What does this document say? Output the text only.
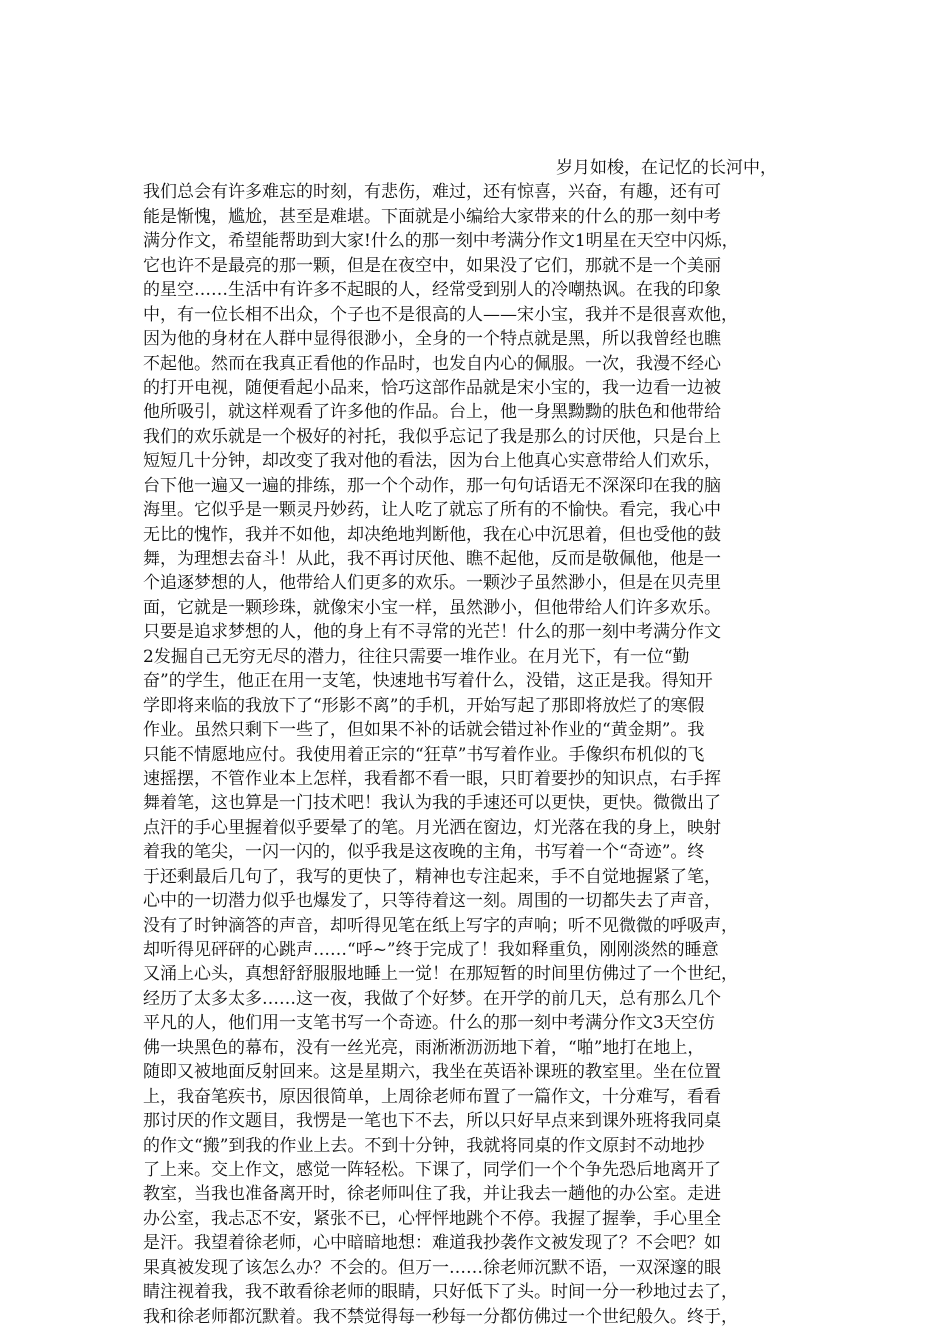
岁月如梭，在记忆的长河中，
我们总会有许多难忘的时刻，有悲伤，难过，还有惊喜，兴奋，有趣，还有可
能是惭愧，尴尬，甚至是难堪。下面就是小编给大家带来的什么的那一刻中考
满分作文，希望能帮助到大家!什么的那一刻中考满分作文1明星在天空中闪烁，
它也许不是最亮的那一颗，但是在夜空中，如果没了它们，那就不是一个美丽
的星空……生活中有许多不起眼的人，经常受到别人的冷嘲热讽。在我的印象
中，有一位长相不出众，个子也不是很高的人——宋小宝，我并不是很喜欢他，
因为他的身材在人群中显得很渺小，全身的一个特点就是黑，所以我曾经也瞧
不起他。然而在我真正看他的作品时，也发自内心的佩服。一次，我漫不经心
的打开电视，随便看起小品来，恰巧这部作品就是宋小宝的，我一边看一边被
他所吸引，就这样观看了许多他的作品。台上，他一身黑黝黝的肤色和他带给
我们的欢乐就是一个极好的衬托，我似乎忘记了我是那么的讨厌他，只是台上
短短几十分钟，却改变了我对他的看法，因为台上他真心实意带给人们欢乐，
台下他一遍又一遍的排练，那一个个动作，那一句句话语无不深深印在我的脑
海里。它似乎是一颗灵丹妙药，让人吃了就忘了所有的不愉快。看完，我心中
无比的愧怍，我并不如他，却决绝地判断他，我在心中沉思着，但也受他的鼓
舞，为理想去奋斗！从此，我不再讨厌他、瞧不起他，反而是敬佩他，他是一
个追逐梦想的人，他带给人们更多的欢乐。一颗沙子虽然渺小，但是在贝壳里
面，它就是一颗珍珠，就像宋小宝一样，虽然渺小，但他带给人们许多欢乐。
只要是追求梦想的人，他的身上有不寻常的光芒！什么的那一刻中考满分作文
2发掘自己无穷无尽的潜力，往往只需要一堆作业。在月光下，有一位“勤
奋”的学生，他正在用一支笔，快速地书写着什么，没错，这正是我。得知开
学即将来临的我放下了“形影不离”的手机，开始写起了那即将放烂了的寒假
作业。虽然只剩下一些了，但如果不补的话就会错过补作业的“黄金期”。我
只能不情愿地应付。我使用着正宗的“狂草”书写着作业。手像织布机似的飞
速摇摆，不管作业本上怎样，我看都不看一眼，只盯着要抄的知识点，右手挥
舞着笔，这也算是一门技术吧！我认为我的手速还可以更快，更快。微微出了
点汗的手心里握着似乎要晕了的笔。月光洒在窗边，灯光落在我的身上，映射
着我的笔尖，一闪一闪的，似乎我是这夜晚的主角，书写着一个“奇迹”。终
于还剩最后几句了，我写的更快了，精神也专注起来，手不自觉地握紧了笔，
心中的一切潜力似乎也爆发了，只等待着这一刻。周围的一切都失去了声音，
没有了时钟滴答的声音，却听得见笔在纸上写字的声响；听不见微微的呼吸声，
却听得见砰砰的心跳声……“呼~”终于完成了！我如释重负，刚刚淡然的睡意
又涌上心头，真想舒舒服服地睡上一觉！在那短暂的时间里仿佛过了一个世纪，
经历了太多太多……这一夜，我做了个好梦。在开学的前几天，总有那么几个
平凡的人，他们用一支笔书写一个奇迹。什么的那一刻中考满分作文3天空仿
佛一块黑色的幕布，没有一丝光亮，雨淅淅沥沥地下着，“啪”地打在地上，
随即又被地面反射回来。这是星期六，我坐在英语补课班的教室里。坐在位置
上，我奋笔疾书，原因很简单，上周徐老师布置了一篇作文，十分难写，看看
那讨厌的作文题目，我愣是一笔也下不去，所以只好早点来到课外班将我同桌
的作文“搬”到我的作业上去。不到十分钟，我就将同桌的作文原封不动地抄
了上来。交上作文，感觉一阵轻松。下课了，同学们一个个争先恐后地离开了
教室，当我也准备离开时，徐老师叫住了我，并让我去一趟他的办公室。走进
办公室，我忐忑不安，紧张不已，心怦怦地跳个不停。我握了握拳，手心里全
是汗。我望着徐老师，心中暗暗地想：难道我抄袭作文被发现了？不会吧？如
果真被发现了该怎么办？不会的。但万一……徐老师沉默不语，一双深邃的眼
睛注视着我，我不敢看徐老师的眼睛，只好低下了头。时间一分一秒地过去了，
我和徐老师都沉默着。我不禁觉得每一秒每一分都仿佛过一个世纪般久。终于，
